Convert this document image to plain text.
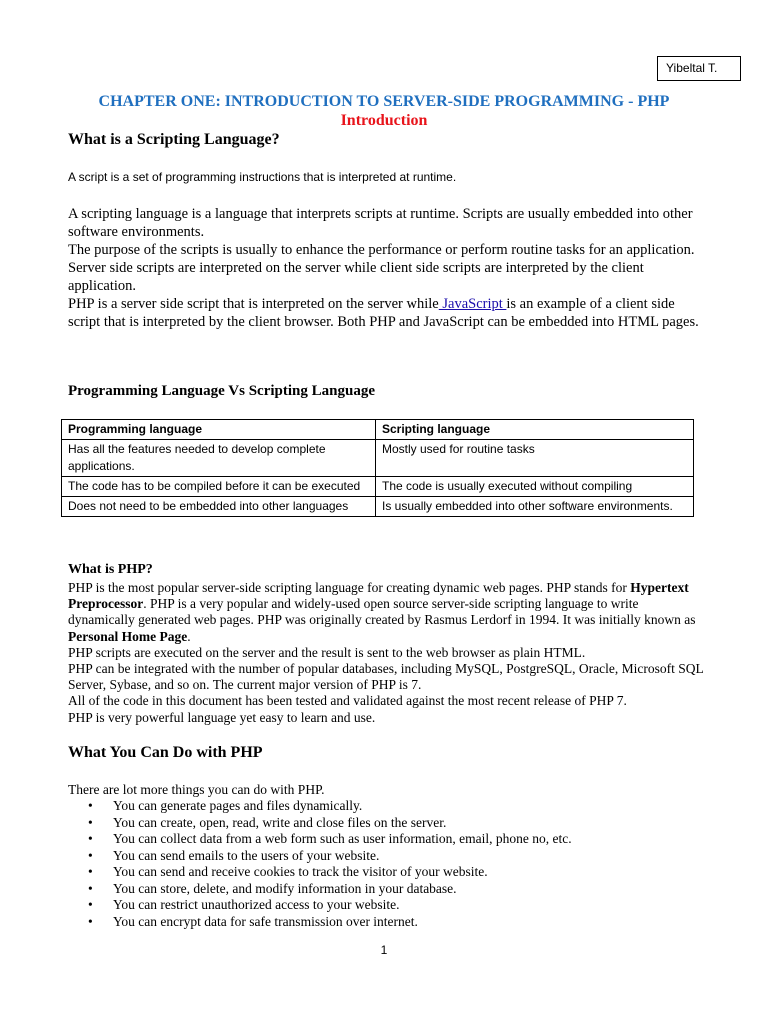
Yibeltal T.
CHAPTER ONE: INTRODUCTION TO SERVER-SIDE PROGRAMMING - PHP
Introduction
What is a Scripting Language?
A script is a set of programming instructions that is interpreted at runtime.

A scripting language is a language that interprets scripts at runtime. Scripts are usually embedded into other software environments.

The purpose of the scripts is usually to enhance the performance or perform routine tasks for an application.

Server side scripts are interpreted on the server while client side scripts are interpreted by the client application.

PHP is a server side script that is interpreted on the server while JavaScript is an example of a client side script that is interpreted by the client browser. Both PHP and JavaScript can be embedded into HTML pages.

Programming Language Vs Scripting Language
Programming language	Scripting language
Has all the features needed to develop complete applications.	Mostly used for routine tasks
The code has to be compiled before it can be executed	The code is usually executed without compiling
Does not need to be embedded into other languages	Is usually embedded into other software environments.
What is PHP?

PHP is the most popular server-side scripting language for creating dynamic web pages. PHP stands for Hypertext Preprocessor. PHP is a very popular and widely-used open source server-side scripting language to write dynamically generated web pages. PHP was originally created by Rasmus Lerdorf in 1994. It was initially known as Personal Home Page.

PHP scripts are executed on the server and the result is sent to the web browser as plain HTML.

PHP can be integrated with the number of popular databases, including MySQL, PostgreSQL, Oracle, Microsoft SQL Server, Sybase, and so on. The current major version of PHP is 7.

All of the code in this document has been tested and validated against the most recent release of PHP 7.

PHP is very powerful language yet easy to learn and use.

What You Can Do with PHP
There are lot more things you can do with PHP.
• You can generate pages and files dynamically.
• You can create, open, read, write and close files on the server.
• You can collect data from a web form such as user information, email, phone no, etc.
• You can send emails to the users of your website.
• You can send and receive cookies to track the visitor of your website.
• You can store, delete, and modify information in your database.
• You can restrict unauthorized access to your website.
• You can encrypt data for safe transmission over internet.
1
